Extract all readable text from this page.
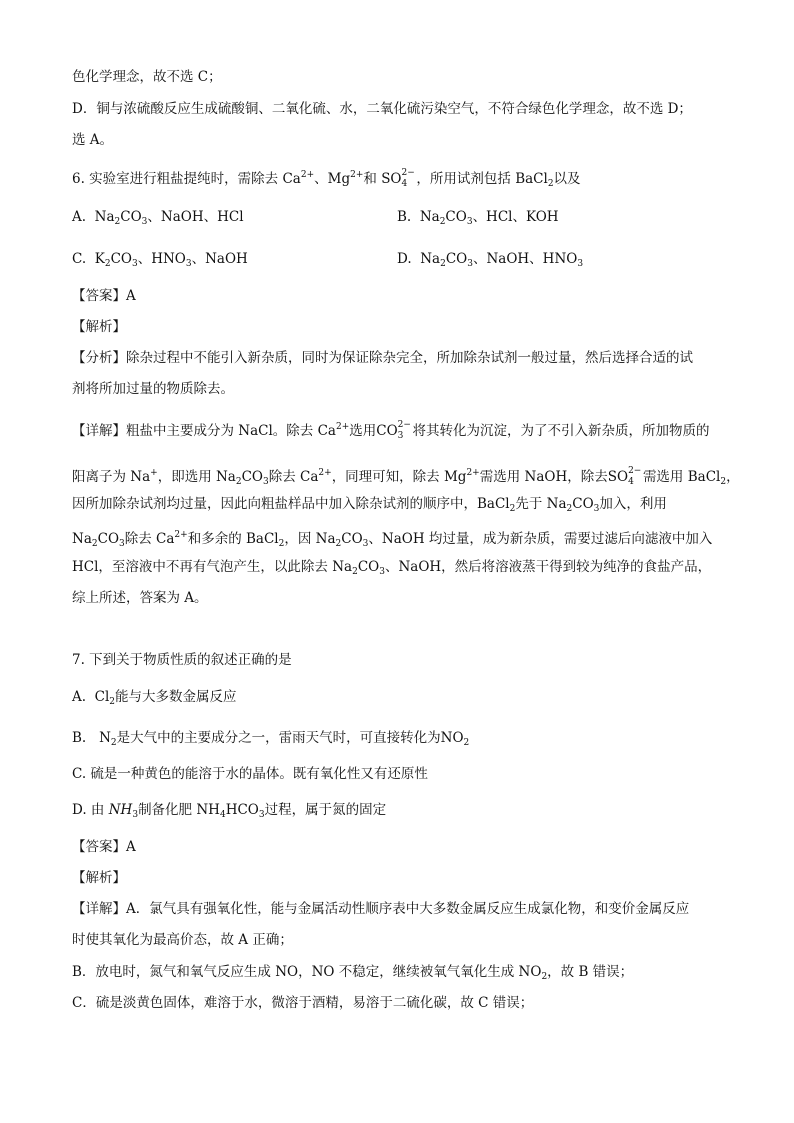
色化学理念，故不选 C；
D．铜与浓硫酸反应生成硫酸铜、二氧化硫、水，二氧化硫污染空气，不符合绿色化学理念，故不选 D；
选 A。
6. 实验室进行粗盐提纯时，需除去 $Ca^{2+}$、$Mg^{2+}$和 SO 2−
4 ，所用试剂包括 BaCl$_2$以及
A. $Na_2CO_3$、NaOH、HCl	B. $Na_2CO_3$、HCl、KOH
C. $K_2CO_3$、$HNO_3$、NaOH	D. $Na_2CO_3$、NaOH、$HNO_3$
【答案】A
【解析】
【分析】除杂过程中不能引入新杂质，同时为保证除杂完全，所加除杂试剂一般过量，然后选择合适的试
剂将所加过量的物质除去。
【详解】粗盐中主要成分为 NaCl。除去 $Ca^{2+}$选用CO 2−
3 将其转化为沉淀，为了不引入新杂质，所加物质的
阳离子为 Na+，即选用 $Na_2CO_3$除去 $Ca^{2+}$，同理可知，除去 $Mg^{2+}$需选用 NaOH，除去SO 2−
4 需选用 BaCl$_2$，
因所加除杂试剂均过量，因此向粗盐样品中加入除杂试剂的顺序中，BaCl$_2$先于 $Na_2CO_3$加入，利用
$Na_2CO_3$除去 $Ca^{2+}$和多余的 BaCl$_2$，因 $Na_2CO_3$、NaOH 均过量，成为新杂质，需要过滤后向滤液中加入
HCl，至溶液中不再有气泡产生，以此除去 $Na_2CO_3$、NaOH，然后将溶液蒸干得到较为纯净的食盐产品，
综上所述，答案为 A。
7. 下到关于物质性质的叙述正确的是
A. $Cl_2$能与大多数金属反应
B. $N_2$是大气中的主要成分之一，雷雨天气时，可直接转化为$NO_2$
C. 硫是一种黄色的能溶于水的晶体。既有氧化性又有还原性
D. 由 $NH_3$制备化肥 $NH_4HCO_3$过程，属于氮的固定
【答案】A
【解析】
【详解】A．氯气具有强氧化性，能与金属活动性顺序表中大多数金属反应生成氯化物，和变价金属反应
时使其氧化为最高价态，故 A 正确；
B．放电时，氮气和氧气反应生成 NO，NO 不稳定，继续被氧气氧化生成 $NO_2$，故 B 错误；
C．硫是淡黄色固体，难溶于水，微溶于酒精，易溶于二硫化碳，故 C 错误；
